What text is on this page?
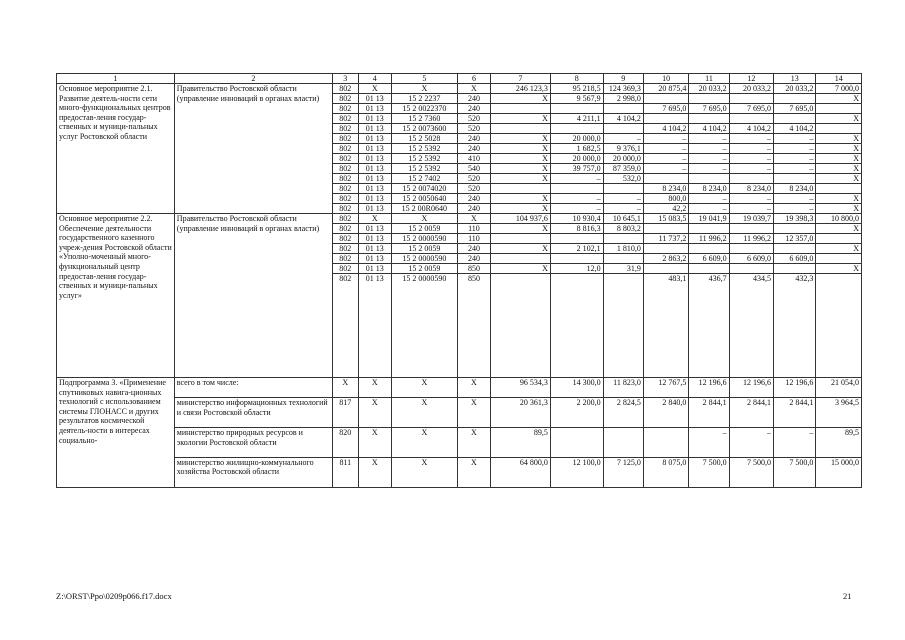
1	2	3	4	5	6	7	8	9	10	11	12	13	14
Основное мероприятие 2.1. Развитие деятель-ности сети много-функциональных центров предостав-ления государ-ственных и муници-пальных услуг Ростовской области	Правительство Ростовской области (управление инноваций в органах власти)	802	X	X	X	246 123,3	95 218,5	124 369,3	20 875,4	20 033,2	20 033,2	20 033,2	7 000,0
		802	01 13	15 2 2237	240	X	9 567,9	2 998,0					X
		802	01 13	15 2 0022370	240				7 695,0	7 695,0	7 695,0	7 695,0	
		802	01 13	15 2 7360	520	X	4 211,1	4 104,2					X
		802	01 13	15 2 0073600	520				4 104,2	4 104,2	4 104,2	4 104,2	
		802	01 13	15 2 5028	240	X	20 000,0	–	–	–	–	–	X
		802	01 13	15 2 5392	240	X	1 682,5	9 376,1	–	–	–	–	X
		802	01 13	15 2 5392	410	X	20 000,0	20 000,0	–	–	–	–	X
		802	01 13	15 2 5392	540	X	39 757,0	87 359,0	–	–	–	–	X
		802	01 13	15 2 7402	520	X	–	532,0					X
		802	01 13	15 2 0074020	520				8 234,0	8 234,0	8 234,0	8 234,0	
		802	01 13	15 2 0050640	240	X	–	–	800,0	–	–	–	X
		802	01 13	15 2 00R0640	240	X	–	–	42,2	–	–	–	X
Основное мероприятие 2.2. Обеспечение деятельности государственного казенного учреж-дения Ростовской области «Уполно-моченный много-функциональный центр предостав-ления государ-ственных и муници-пальных услуг»	Правительство Ростовской области (управление инноваций в органах власти)	802	X	X	X	104 937,6	10 930,4	10 645,1	15 083,5	19 041,9	19 039,7	19 398,3	10 800,0
		802	01 13	15 2 0059	110	X	8 816,3	8 803,2					X
		802	01 13	15 2 0000590	110				11 737,2	11 996,2	11 996,2	12 357,0	
		802	01 13	15 2 0059	240	X	2 102,1	1 810,0					X
		802	01 13	15 2 0000590	240				2 863,2	6 609,0	6 609,0	6 609,0	
		802	01 13	15 2 0059	850	X	12,0	31,9					X
		802	01 13	15 2 0000590	850				483,1	436,7	434,5	432,3	
Подпрограмма 3. «Применение спутниковых навига-ционных технологий с использованием системы ГЛОНАСС и других результатов космической деятель-ности в интересах социально-	всего в том числе:	X	X	X	X	96 534,3	14 300,0	11 823,0	12 767,5	12 196,6	12 196,6	12 196,6	21 054,0
	министерство информационных технологий и связи Ростовской области	817	X	X	X	20 361,3	2 200,0	2 824,5	2 840,0	2 844,1	2 844,1	2 844,1	3 964,5
	министерство природных ресурсов и экологии Ростовской области	820	X	X	X	89,5				–	–	–	89,5
	министерство жилищно-коммунального хозяйства Ростовской области	811	X	X	X	64 800,0	12 100,0	7 125,0	8 075,0	7 500,0	7 500,0	7 500,0	15 000,0
Z:\ORST\Ppo\0209p066.f17.docx	21
